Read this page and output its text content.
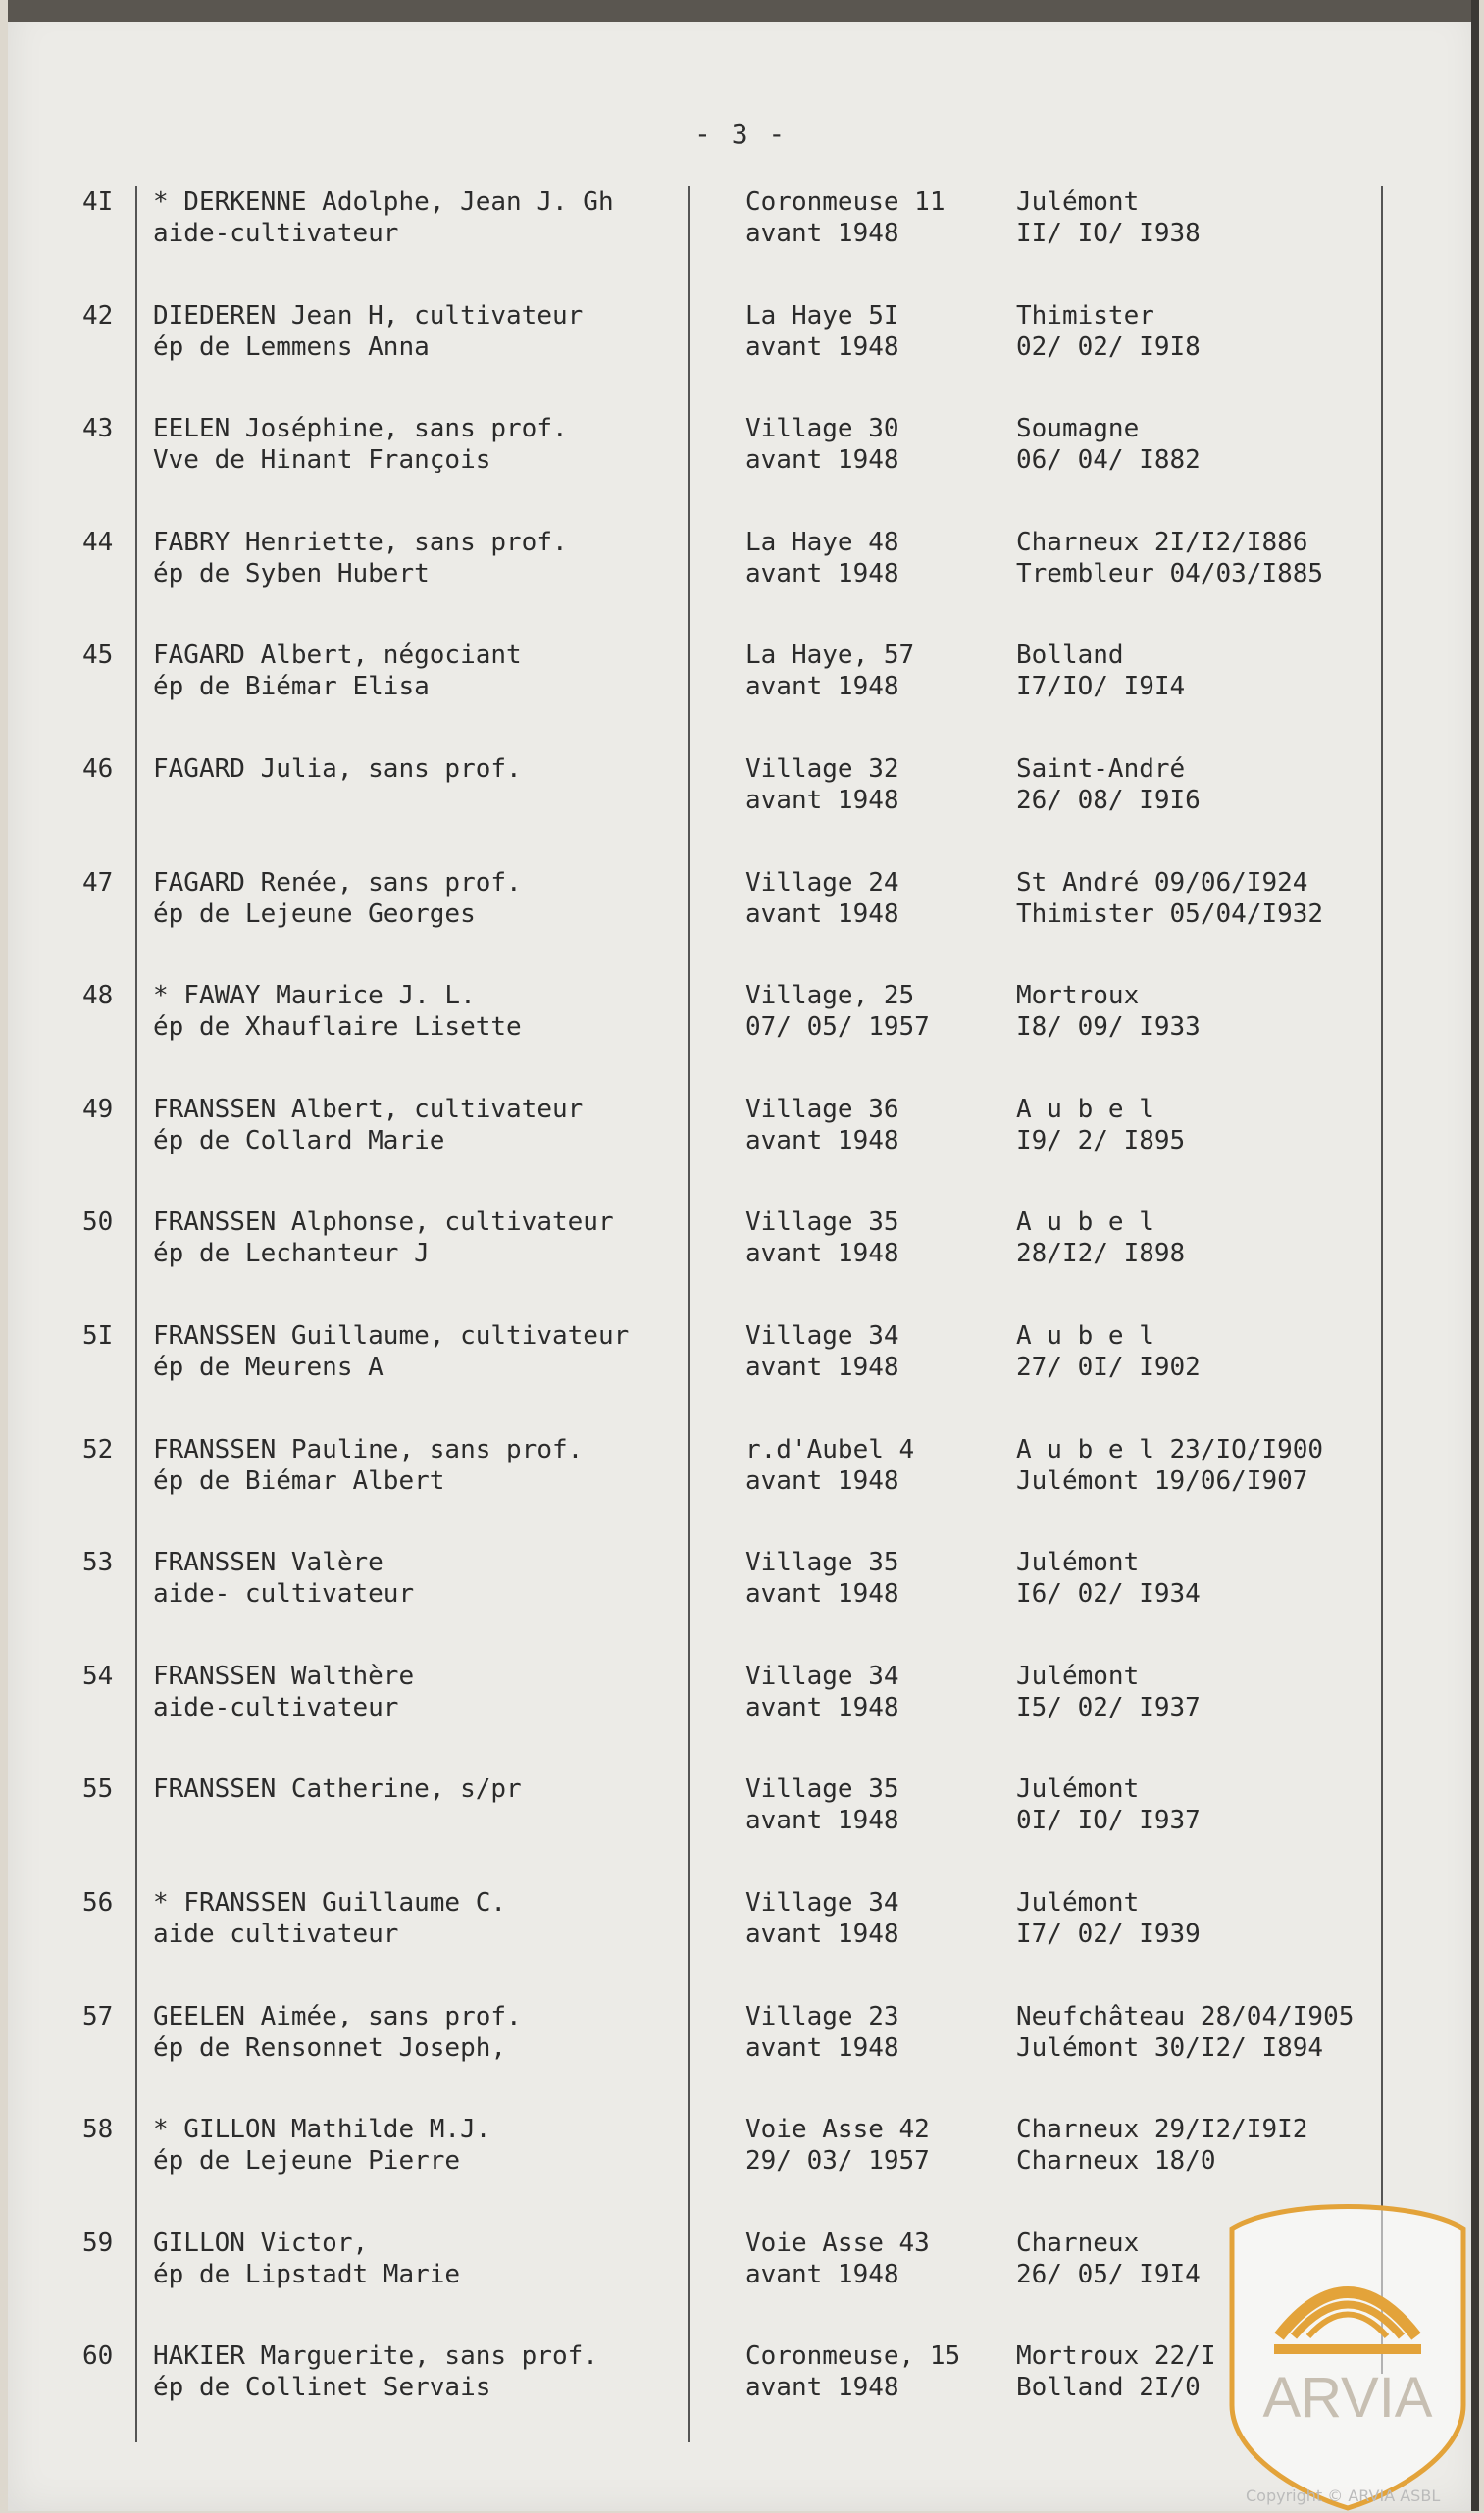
- 3 -
4I * DERKENNE Adolphe, Jean J. Gh
aide-cultivateur
Coronmeuse 11
avant 1948
Julémont
II/ IO/ I938
42 DIEDEREN Jean H, cultivateur
ép de Lemmens Anna
La Haye 5I
avant 1948
Thimister
02/ 02/ I9I8
43 EELEN Joséphine, sans prof.
Vve de Hinant François
Village 30
avant 1948
Soumagne
06/ 04/ I882
44 FABRY Henriette, sans prof.
ép de Syben Hubert
La Haye 48
avant 1948
Charneux 2I/I2/I886
Trembleur 04/03/I885
45 FAGARD Albert, négociant
ép de Biémar Elisa
La Haye, 57
avant 1948
Bolland
I7/IO/ I9I4
46 FAGARD Julia, sans prof.	Village 32
avant 1948
Saint-André
26/ 08/ I9I6
47 FAGARD Renée, sans prof.
ép de Lejeune Georges
Village 24
avant 1948
St André 09/06/I924
Thimister 05/04/I932
48 * FAWAY Maurice J. L.
ép de Xhauflaire Lisette
Village, 25
07/ 05/ 1957
Mortroux
I8/ 09/ I933
49 FRANSSEN Albert, cultivateur
ép de Collard Marie
Village 36
avant 1948
A u b e l
I9/ 2/ I895
50 FRANSSEN Alphonse, cultivateur
ép de Lechanteur J
Village 35
avant 1948
A u b e l
28/I2/ I898
5I FRANSSEN Guillaume, cultivateur
ép de Meurens A
Village 34
avant 1948
A u b e l
27/ 0I/ I902
52 FRANSSEN Pauline, sans prof.
ép de Biémar Albert
r.d'Aubel 4
avant 1948
A u b e l 23/IO/I900
Julémont 19/06/I907
53 FRANSSEN Valère
aide- cultivateur
Village 35
avant 1948
Julémont
I6/ 02/ I934
54 FRANSSEN Walthère
aide-cultivateur
Village 34
avant 1948
Julémont
I5/ 02/ I937
55 FRANSSEN Catherine, s/pr	Village 35
avant 1948
Julémont
0I/ IO/ I937
56 * FRANSSEN Guillaume C.
aide cultivateur
Village 34
avant 1948
Julémont
I7/ 02/ I939
57 GEELEN Aimée, sans prof.
ép de Rensonnet Joseph,
Village 23
avant 1948
Neufchâteau 28/04/I905
Julémont 30/I2/ I894
58 * GILLON Mathilde M.J.
ép de Lejeune Pierre
Voie Asse 42
29/ 03/ 1957
Charneux 29/I2/I9I2
Charneux 18/0
59 GILLON Victor,
ép de Lipstadt Marie
Voie Asse 43
avant 1948
Charneux
26/ 05/ I9I4
60 HAKIER Marguerite, sans prof.
ép de Collinet Servais
Coronmeuse, 15
avant 1948
Mortroux 22/I
Bolland 2I/0 ARVIA
Copyright © ARVIA ASBL
